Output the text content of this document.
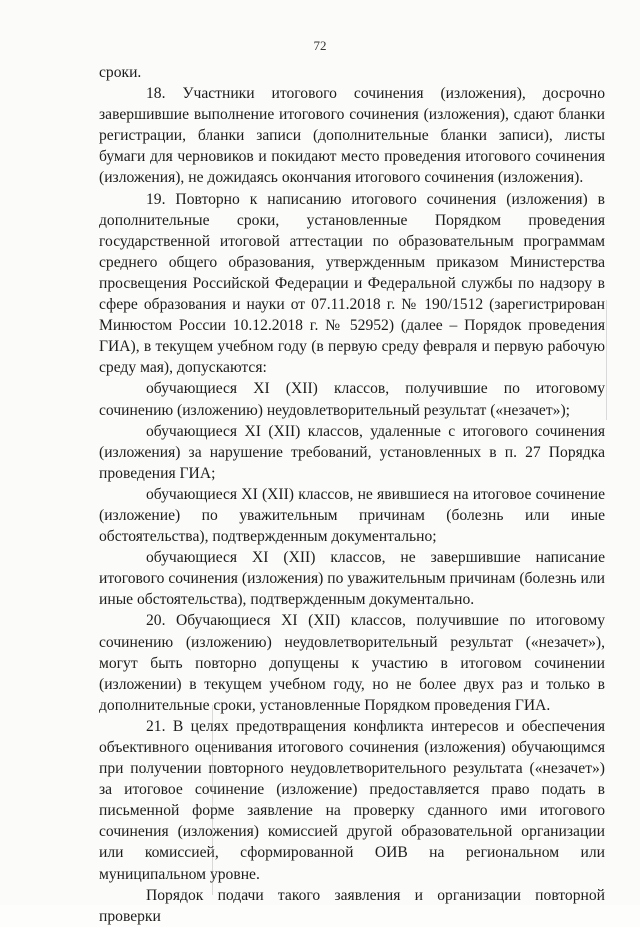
72

сроки.

18. Участники итогового сочинения (изложения), досрочно завершившие выполнение итогового сочинения (изложения), сдают бланки регистрации, бланки записи (дополнительные бланки записи), листы бумаги для черновиков и покидают место проведения итогового сочинения (изложения), не дожидаясь окончания итогового сочинения (изложения).

19. Повторно к написанию итогового сочинения (изложения) в дополнительные сроки, установленные Порядком проведения государственной итоговой аттестации по образовательным программам среднего общего образования, утвержденным приказом Министерства просвещения Российской Федерации и Федеральной службы по надзору в сфере образования и науки от 07.11.2018 г. № 190/1512 (зарегистрирован Минюстом России 10.12.2018 г. № 52952) (далее – Порядок проведения ГИА), в текущем учебном году (в первую среду февраля и первую рабочую среду мая), допускаются:

обучающиеся XI (XII) классов, получившие по итоговому сочинению (изложению) неудовлетворительный результат («незачет»);

обучающиеся XI (XII) классов, удаленные с итогового сочинения (изложения) за нарушение требований, установленных в п. 27 Порядка проведения ГИА;

обучающиеся XI (XII) классов, не явившиеся на итоговое сочинение (изложение) по уважительным причинам (болезнь или иные обстоятельства), подтвержденным документально;

обучающиеся XI (XII) классов, не завершившие написание итогового сочинения (изложения) по уважительным причинам (болезнь или иные обстоятельства), подтвержденным документально.

20. Обучающиеся XI (XII) классов, получившие по итоговому сочинению (изложению) неудовлетворительный результат («незачет»), могут быть повторно допущены к участию в итоговом сочинении (изложении) в текущем учебном году, но не более двух раз и только в дополнительные сроки, установленные Порядком проведения ГИА.

21. В целях предотвращения конфликта интересов и обеспечения объективного оценивания итогового сочинения (изложения) обучающимся при получении повторного неудовлетворительного результата («незачет») за итоговое сочинение (изложение) предоставляется право подать в письменной форме заявление на проверку сданного ими итогового сочинения (изложения) комиссией другой образовательной организации или комиссией, сформированной ОИВ на региональном или муниципальном уровне.

Порядок подачи такого заявления и организации повторной проверки
